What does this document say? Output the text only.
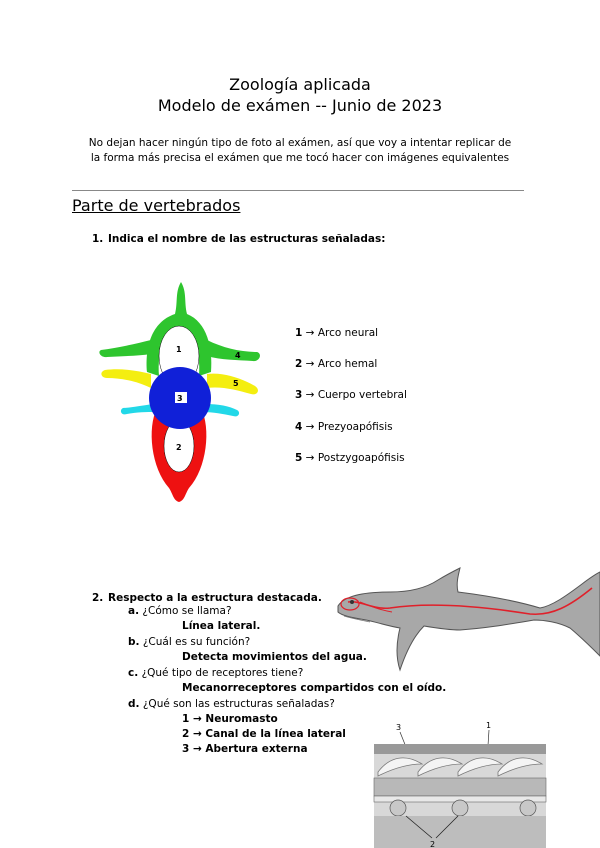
Zoología aplicada
Modelo de exámen -- Junio de 2023
No dejan hacer ningún tipo de foto al exámen, así que voy a intentar replicar de
la forma más precisa el exámen que me tocó hacer con imágenes equivalentes
Parte de vertebrados
1. Indica el nombre de las estructuras señaladas:
1
2
3
4
5
1 → Arco neural
2 → Arco hemal
3 → Cuerpo vertebral
4 → Prezyoapófisis
5 → Postzygoapófisis
2. Respecto a la estructura destacada.
a. ¿Cómo se llama?
Línea lateral.
b. ¿Cuál es su función?
Detecta movimientos del agua.
c. ¿Qué tipo de receptores tiene?
Mecanorreceptores compartidos con el oído.
d. ¿Qué son las estructuras señaladas?
1 → Neuromasto
2 → Canal de la línea lateral
3 → Abertura externa
3	1
2
